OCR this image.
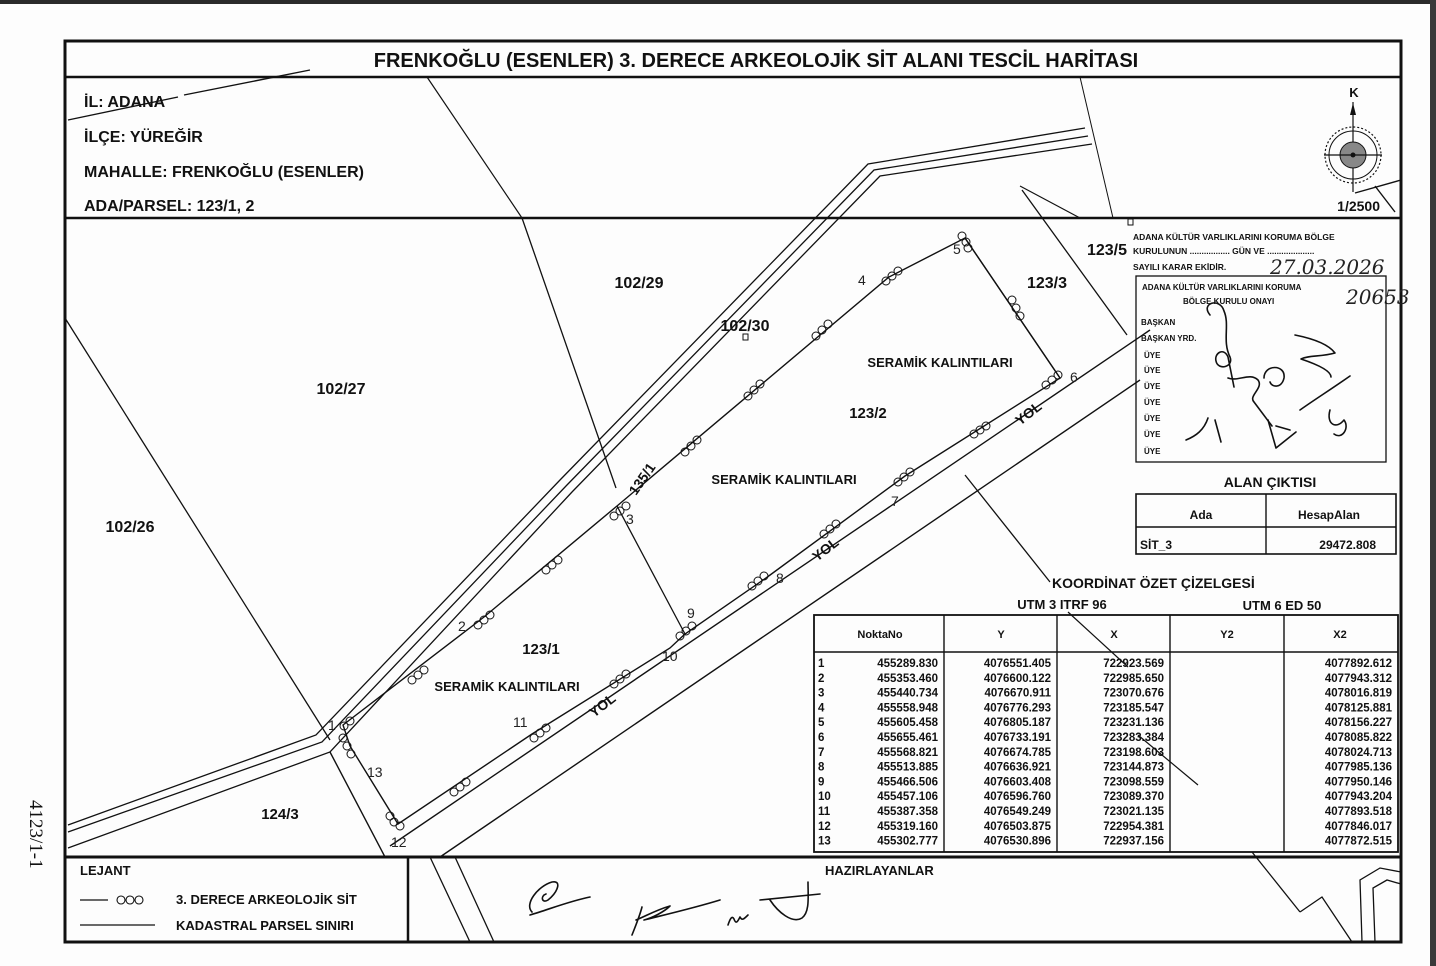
4123/1-1
FRENKOĞLU (ESENLER) 3. DERECE ARKEOLOJİK SİT ALANI TESCİL HARİTASI
İL: ADANA
İLÇE: YÜREĞİR
MAHALLE: FRENKOĞLU (ESENLER)
ADA/PARSEL: 123/1, 2
K
1/2500
102/29
102/30
102/27
102/26
123/5
123/3
123/2
123/1
124/3
135/1
SERAMİK KALINTILARI
SERAMİK KALINTILARI
SERAMİK KALINTILARI
YOL
YOL
YOL
1
2
3
4
5
6
7
8
9
10
11
12
13
ADANA KÜLTÜR VARLIKLARINI KORUMA BÖLGE
KURULUNUN ................. GÜN VE ....................
SAYILI KARAR EKİDİR. 27.03.2026
20653
ADANA KÜLTÜR VARLIKLARINI KORUMA
BÖLGE KURULU ONAYI
BAŞKAN
BAŞKAN YRD.
ÜYE
ÜYE
ÜYE
ÜYE
ÜYE
ÜYE
ÜYE
ALAN ÇIKTISI
Ada	HesapAlan
SİT_3	29472.808
KOORDİNAT ÖZET ÇİZELGESİ
UTM 3 ITRF 96	UTM 6 ED 50
NoktaNo	Y	X	Y2	X2
1	455289.830	4076551.405	722923.569	4077892.612
2	455353.460	4076600.122	722985.650	4077943.312
3	455440.734	4076670.911	723070.676	4078016.819
4	455558.948	4076776.293	723185.547	4078125.881
5	455605.458	4076805.187	723231.136	4078156.227
6	455655.461	4076733.191	723283.384	4078085.822
7	455568.821	4076674.785	723198.603	4078024.713
8	455513.885	4076636.921	723144.873	4077985.136
9	455466.506	4076603.408	723098.559	4077950.146
10	455457.106	4076596.760	723089.370	4077943.204
11	455387.358	4076549.249	723021.135	4077893.518
12	455319.160	4076503.875	722954.381	4077846.017
13	455302.777	4076530.896	722937.156	4077872.515
LEJANT
3. DERECE ARKEOLOJİK SİT
KADASTRAL PARSEL SINIRI
HAZIRLAYANLAR
